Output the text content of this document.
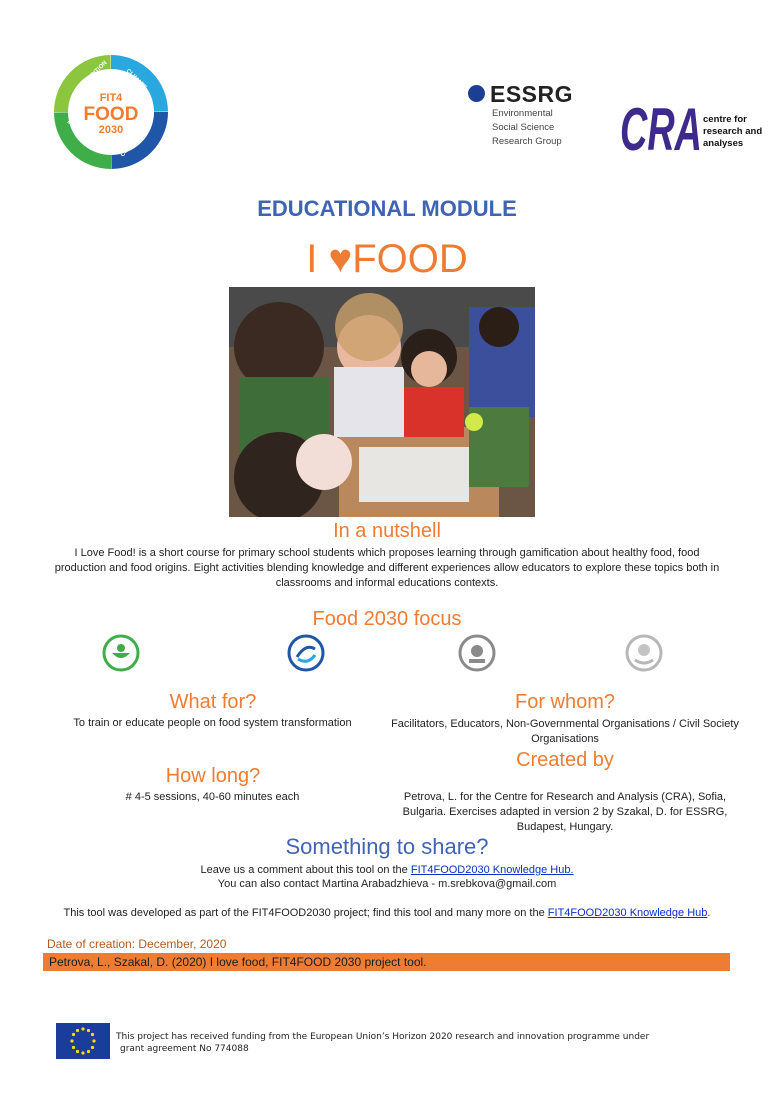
FIT4
FOOD
2030
NUTRITION	CLIMATE
CIRCULARITY
INNOVATION
ESSRG
Environmental
Social Science
Research Group CRA centre for
research and
analyses
EDUCATIONAL MODULE
I ♥FOOD
In a nutshell
I Love Food! is a short course for primary school students which proposes learning through gamification about healthy food, food production and food origins. Eight activities blending knowledge and different experiences allow educators to explore these topics both in classrooms and informal educations contexts.
Food 2030 focus
What for?
To train or educate people on food system transformation
For whom?
Facilitators, Educators, Non-Governmental Organisations / Civil Society Organisations
How long?
# 4-5 sessions, 40-60 minutes each
Created by
Petrova, L. for the Centre for Research and Analysis (CRA), Sofia, Bulgaria. Exercises adapted in version 2 by Szakal, D. for ESSRG, Budapest, Hungary.
Something to share?
Leave us a comment about this tool on the FIT4FOOD2030 Knowledge Hub.
You can also contact Martina Arabadzhieva - m.srebkova@gmail.com
This tool was developed as part of the FIT4FOOD2030 project; find this tool and many more on the FIT4FOOD2030 Knowledge Hub.
Date of creation: December, 2020
Petrova, L., Szakal, D. (2020) I love food, FIT4FOOD 2030 project tool.
This project has received funding from the European Union’s Horizon 2020 research and innovation programme under
grant agreement No 774088
